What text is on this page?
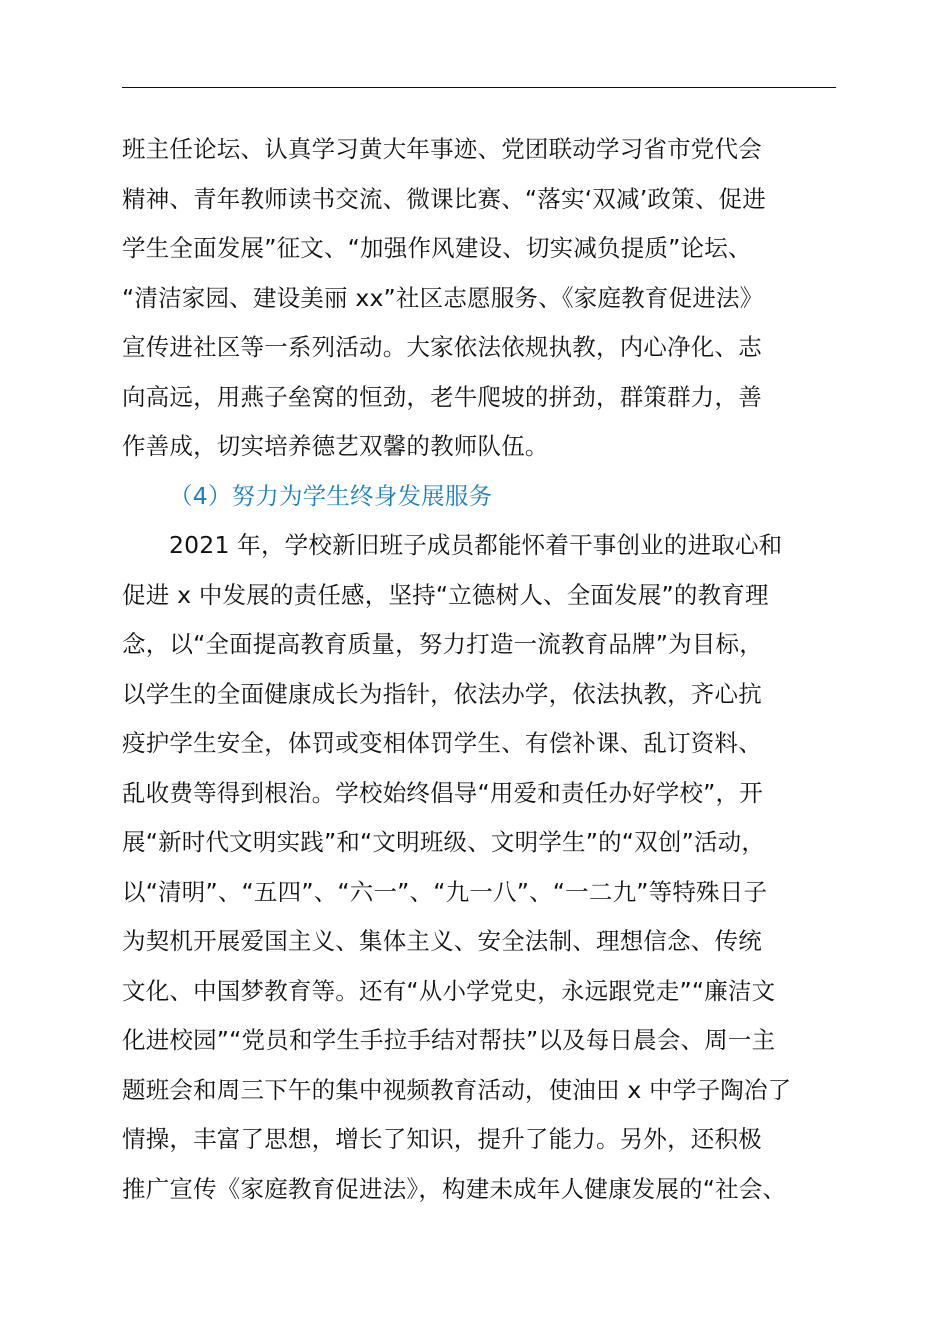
班主任论坛、认真学习黄大年事迹、党团联动学习省市党代会
精神、青年教师读书交流、微课比赛、“落实‘双减’政策、促进
学生全面发展”征文、“加强作风建设、切实减负提质”论坛、
“清洁家园、建设美丽 xx”社区志愿服务、《家庭教育促进法》
宣传进社区等一系列活动。大家依法依规执教，内心净化、志
向高远，用燕子垒窝的恒劲，老牛爬坡的拼劲，群策群力，善
作善成，切实培养德艺双馨的教师队伍。
（4）努力为学生终身发展服务
2021 年，学校新旧班子成员都能怀着干事创业的进取心和
促进 x 中发展的责任感，坚持“立德树人、全面发展”的教育理
念，以“全面提高教育质量，努力打造一流教育品牌”为目标，
以学生的全面健康成长为指针，依法办学，依法执教，齐心抗
疫护学生安全，体罚或变相体罚学生、有偿补课、乱订资料、
乱收费等得到根治。学校始终倡导“用爱和责任办好学校”，开
展“新时代文明实践”和“文明班级、文明学生”的“双创”活动，
以“清明”、“五四”、“六一”、“九一八”、“一二九”等特殊日子
为契机开展爱国主义、集体主义、安全法制、理想信念、传统
文化、中国梦教育等。还有“从小学党史，永远跟党走”“廉洁文
化进校园”“党员和学生手拉手结对帮扶”以及每日晨会、周一主
题班会和周三下午的集中视频教育活动，使油田 x 中学子陶冶了
情操，丰富了思想，增长了知识，提升了能力。另外，还积极
推广宣传《家庭教育促进法》，构建未成年人健康发展的“社会、
